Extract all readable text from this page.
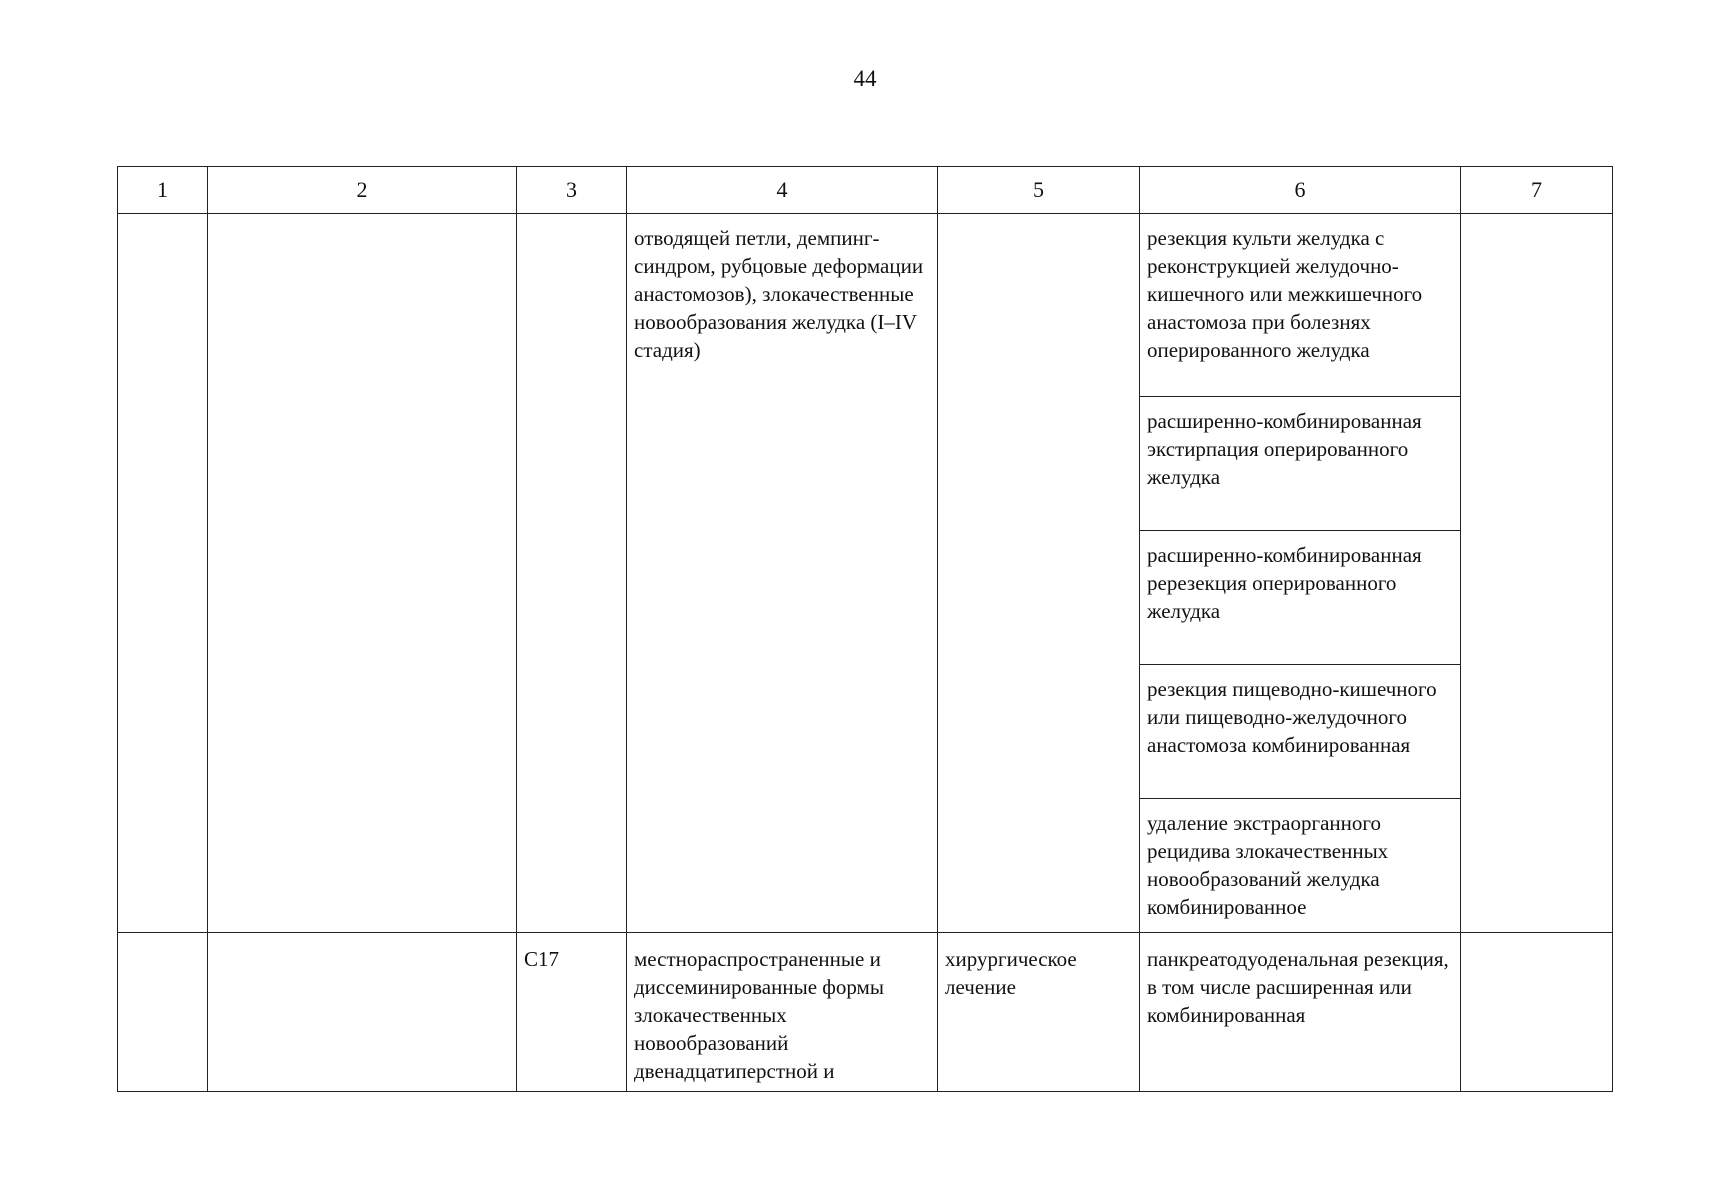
44
1	2	3	4	5	6	7
			отводящей петли, демпинг-синдром, рубцовые деформации анастомозов), злокачественные новообразования желудка (I–IV стадия)		резекция культи желудка с реконструкцией желудочно-кишечного или межкишечного анастомоза при болезнях оперированного желудка	
					расширенно-комбинированная экстирпация оперированного желудка	
					расширенно-комбинированная ререзекция оперированного желудка	
					резекция пищеводно-кишечного или пищеводно-желудочного анастомоза комбинированная	
					удаление экстраорганного рецидива злокачественных новообразований желудка комбинированное	
		C17	местнораспространенные и диссеминированные формы злокачественных новообразований двенадцатиперстной и	хирургическое лечение	панкреатодуоденальная резекция, в том числе расширенная или комбинированная	
